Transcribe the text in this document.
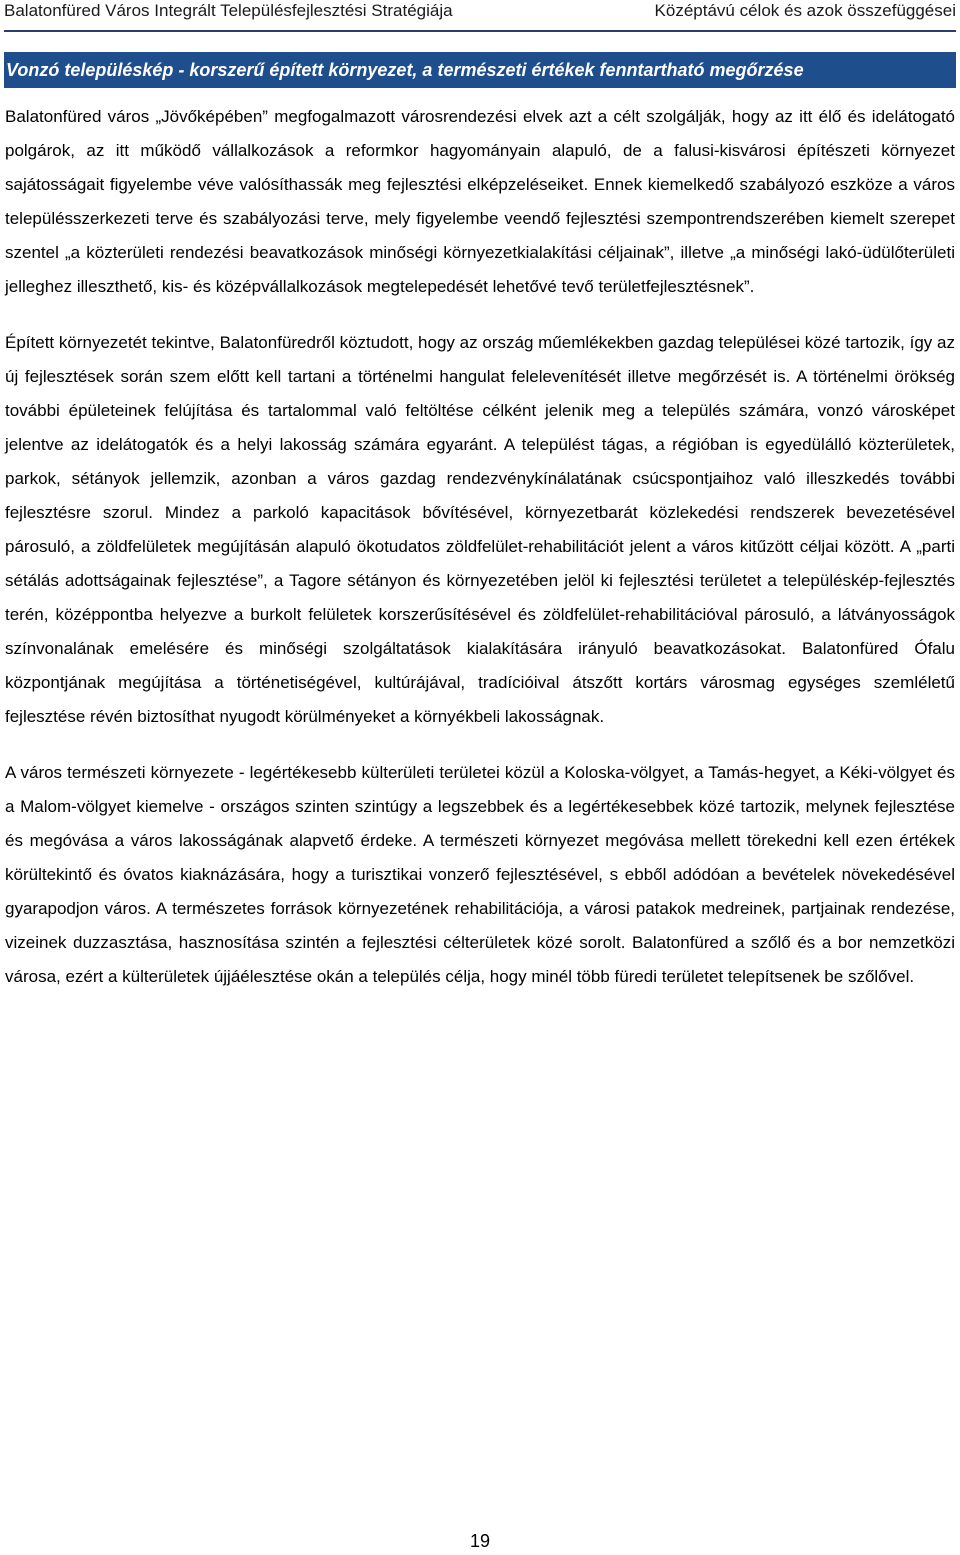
Balatonfüred Város Integrált Településfejlesztési Stratégiája	Középtávú célok és azok összefüggései
Vonzó településkép - korszerű épített környezet, a természeti értékek fenntartható megőrzése

Balatonfüred város „Jövőképében” megfogalmazott városrendezési elvek azt a célt szolgálják, hogy az itt élő és idelátogató polgárok, az itt működő vállalkozások a reformkor hagyományain alapuló, de a falusi-kisvárosi építészeti környezet sajátosságait figyelembe véve valósíthassák meg fejlesztési elképzeléseiket. Ennek kiemelkedő szabályozó eszköze a város településszerkezeti terve és szabályozási terve, mely figyelembe veendő fejlesztési szempontrendszerében kiemelt szerepet szentel „a közterületi rendezési beavatkozások minőségi környezetkialakítási céljainak”, illetve „a minőségi lakó-üdülőterületi jelleghez illeszthető, kis- és középvállalkozások megtelepedését lehetővé tevő területfejlesztésnek”.

Épített környezetét tekintve, Balatonfüredről köztudott, hogy az ország műemlékekben gazdag települései közé tartozik, így az új fejlesztések során szem előtt kell tartani a történelmi hangulat felelevenítését illetve megőrzését is. A történelmi örökség további épületeinek felújítása és tartalommal való feltöltése célként jelenik meg a település számára, vonzó városképet jelentve az idelátogatók és a helyi lakosság számára egyaránt. A települést tágas, a régióban is egyedülálló közterületek, parkok, sétányok jellemzik, azonban a város gazdag rendezvénykínálatának csúcspontjaihoz való illeszkedés további fejlesztésre szorul. Mindez a parkoló kapacitások bővítésével, környezetbarát közlekedési rendszerek bevezetésével párosuló, a zöldfelületek megújításán alapuló ökotudatos zöldfelület-rehabilitációt jelent a város kitűzött céljai között. A „parti sétálás adottságainak fejlesztése”, a Tagore sétányon és környezetében jelöl ki fejlesztési területet a településkép-fejlesztés terén, középpontba helyezve a burkolt felületek korszerűsítésével és zöldfelület-rehabilitációval párosuló, a látványosságok színvonalának emelésére és minőségi szolgáltatások kialakítására irányuló beavatkozásokat. Balatonfüred Ófalu központjának megújítása a történetiségével, kultúrájával, tradícióival átszőtt kortárs városmag egységes szemléletű fejlesztése révén biztosíthat nyugodt körülményeket a környékbeli lakosságnak.

A város természeti környezete - legértékesebb külterületi területei közül a Koloska-völgyet, a Tamás-hegyet, a Kéki-völgyet és a Malom-völgyet kiemelve - országos szinten szintúgy a legszebbek és a legértékesebbek közé tartozik, melynek fejlesztése és megóvása a város lakosságának alapvető érdeke. A természeti környezet megóvása mellett törekedni kell ezen értékek körültekintő és óvatos kiaknázására, hogy a turisztikai vonzerő fejlesztésével, s ebből adódóan a bevételek növekedésével gyarapodjon város. A természetes források környezetének rehabilitációja, a városi patakok medreinek, partjainak rendezése, vizeinek duzzasztása, hasznosítása szintén a fejlesztési célterületek közé sorolt. Balatonfüred a szőlő és a bor nemzetközi városa, ezért a külterületek újjáélesztése okán a település célja, hogy minél több füredi területet telepítsenek be szőlővel.

19
